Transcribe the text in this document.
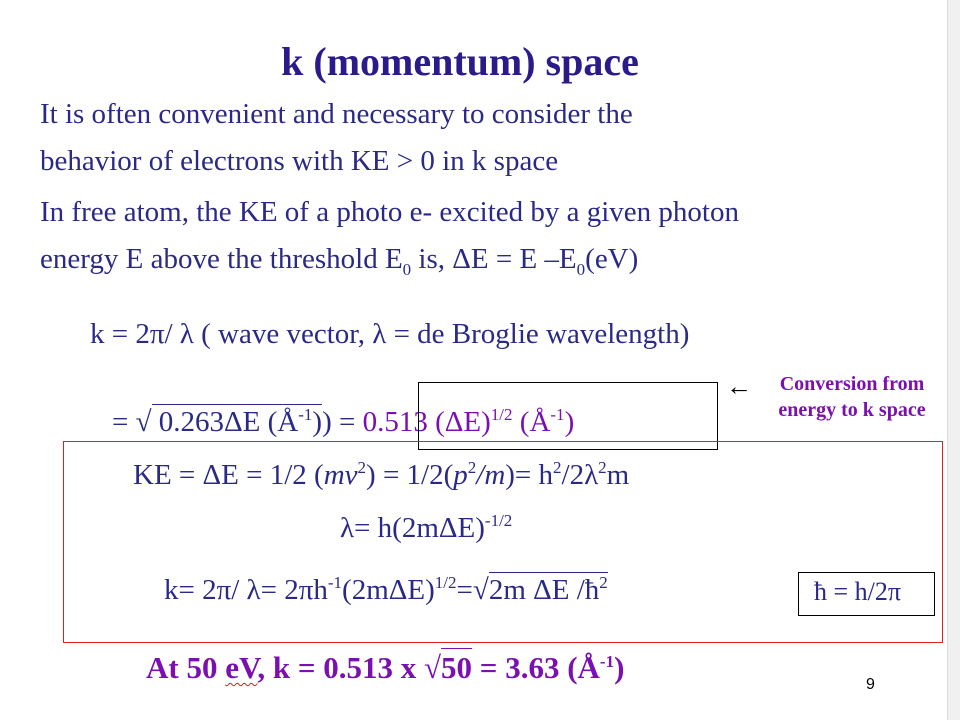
k (momentum) space
It is often convenient and necessary to consider the
behavior of electrons with KE > 0 in k space
In free atom, the KE of a photo e- excited by a given photon
energy E above the threshold $E_0$ is, ΔE = E $-E_0(eV)$
k = 2π/ λ ( wave vector, λ = de Broglie wavelength)
= √ 0.263ΔE $(Å^{-1})) = 0.513$ $(\Delta E)^{1/2}$ $(Å^{-1})$
←	Conversion from
energy to k space
KE = ΔE = 1/2 $(mv^2) = 1/2(p^2/m)= h^2/2\lambda^2m$
$\lambda= h(2m\Delta E)^{-1/2}$
k= 2π/ $\lambda= 2\pi h^{-1}(2m\Delta E)^{1/2}=√2m$ ΔE $/ħ^2$	ħ = h/2π
At 50 eV, k = 0.513 x √50 = 3.63 $(Å^{-1})$	9
